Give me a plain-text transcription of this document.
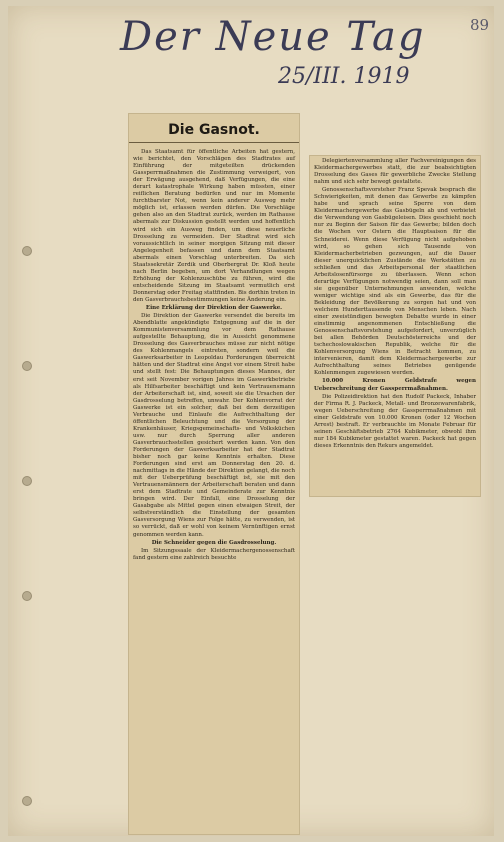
Der Neue Tag
25/III. 1919
89
Die Gasnot.

Das Staatsamt für öffentliche Arbeiten hat gestern, wie berichtet, den Vorschlägen des Stadtrates auf Einführung der mitgeteilten drückenden Gassperrmaßnahmen die Zustimmung verweigert, von der Erwägung ausgehend, daß Verfügungen, die eine derart katastrophale Wirkung haben müssten, einer reiflichen Beratung bedürfen und nur im Momente furchtbarster Not, wenn kein anderer Ausweg mehr möglich ist, erlassen werden dürfen. Die Vorschläge gehen also an den Stadtrat zurück, werden im Rathause abermals zur Diskussion gestellt werden und hoffentlich wird sich ein Ausweg finden, um diese neuerliche Drosselung zu vermeiden. Der Stadtrat wird sich voraussichtlich in seiner morgigen Sitzung mit dieser Angelegenheit befassen und dann dem Staatsamt abermals einen Vorschlag unterbreiten. Da sich Staatssekretär Zerdik und Oberbergrat Dr. Kloß heute nach Berlin begeben, um dort Verhandlungen wegen Erhöhung der Kohlenzuschübe zu führen, wird die entscheidende Sitzung im Staatsamt vermutlich erst Donnerstag oder Freitag stattfinden. Bis dorthin treten in den Gasverbrauchsbestimmungen keine Änderung ein.

Eine Erklärung der Direktion der Gaswerke.

Die Direktion der Gaswerke versendet die bereits im Abendblatte angekündigte Entgegnung auf die in der Kommunistenversammlung vor dem Rathause aufgestellte Behauptung, die in Aussicht genommene Drosselung des Gasverbrauches müsse zur nicht nötige des Kohlenmangels eintreten, sondern weil die Gaswerksarbeiter in Leopoldau Forderungen überreicht hätten und der Stadtrat eine Angst vor einem Streit habe und stellt fest: Die Behauptungen dieses Mannes, der erst seit November vorigen Jahres im Gaswerkbetriebe als Hilfsarbeiter beschäftigt und kein Vertrauensmann der Arbeiterschaft ist, sind, soweit sie die Ursachen der Gasdrosselung betreffen, unwahr. Der Kohlenvorrat der Gaswerke ist ein solcher, daß bei dem derzeitigen Verbrauche und Einlaufe die Aufrechthaltung der öffentlichen Beleuchtung und die Versorgung der Krankenhäuser, Kriegsgemeinschafts- und Volksküchen usw. nur durch Sperrung aller anderen Gasverbrauchsstellen gesichert werden kann. Von den Forderungen der Gaswerksarbeiter hat der Stadtrat bisher noch gar keine Kenntnis erhalten. Diese Forderungen sind erst am Donnerstag den 20. d. nachmittags in die Hände der Direktion gelangt, die noch mit der Ueberprüfung beschäftigt ist, sie mit den Vertrauensmännern der Arbeiterschaft beraten und dann erst dem Stadtrate und Gemeinderate zur Kenntnis bringen wird. Der Einfall, eine Drosselung der Gasabgabe als Mittel gegen einen etwaigen Streit, der selbstverständlich die Einstellung der gesamten Gasversorgung Wiens zur Folge hätte, zu verwenden, ist so verrückt, daß er wohl von keinem Vernünftigen ernst genommen werden kann.

Die Schneider gegen die Gasdrosselung.

Im Sitzungssaale der Kleidermachergenossenschaft fand gestern eine zahlreich besuchte

Delegiertenversammlung aller Fachvereinigungen des Kleidermachergewerbes statt, die zur beabsichtigten Drosselung des Gases für gewerbliche Zwecke Stellung nahm und sich sehr bewegt gestaltete.

Genossenschaftsvorsteher Franz Spevak besprach die Schwierigkeiten, mit denen das Gewerbe zu kämpfen habe und sprach seine Sperre von dem Kleidermachergewerbe das Gasbügeln ab und verbietet die Verwendung von Gasbügeleisen. Dies geschieht noch nur zu Beginn der Saison für das Gewerbe; bilden doch die Wochen vor Ostern die Hauptsaison für die Schneiderei. Wenn diese Verfügung nicht aufgehoben wird, so gehen sich Tausende von Kleidermacherbetrieben gezwungen, auf die Dauer dieser unerquicklichen Zustände die Werkstätten zu schließen und das Arbeitspersonal der staatlichen Arbeitslosenfürsorge zu überlassen. Wenn schon derartige Verfügungen notwendig seien, dann soll man sie gegenüber Unternehmungen anwenden, welche weniger wichtige sind als ein Gewerbe, das für die Bekleidung der Bevölkerung zu sorgen hat und von welchem Hunderttausende von Menschen leben. Nach einer zweistündigen bewegten Debatte wurde in einer einstimmig angenommenen Entschließung die Genossenschaftsvorstehung aufgefordert, unverzüglich bei allen Behörden Deutschösterreichs und der tschechoslowakischen Republik, welche für die Kohlenversorgung Wiens in Betracht kommen, zu intervenieren, damit dem Kleidermachergewerbe zur Aufrechthaltung seines Betriebes genügende Kohlenmengen zugewiesen werden.

10.000 Kronen Geldstrafe wegen Ueberschreitung der Gassperrmaßnahmen.

Die Polizeidirektion hat den Rudolf Packeck, Inhaber der Firma R. J. Packeck, Metall- und Bronzewarenfabrik, wegen Ueberschreitung der Gassperrmaßnahmen mit einer Geldstrafe von 10.000 Kronen (oder 12 Wochen Arrest) bestraft. Er verbrauchte im Monate Februar für seinen Geschäftsbetrieb 2764 Kubikmeter, obwohl ihm nur 184 Kubikmeter gestattet waren. Packeck hat gegen dieses Erkenntnis den Rekurs angemeldet.
